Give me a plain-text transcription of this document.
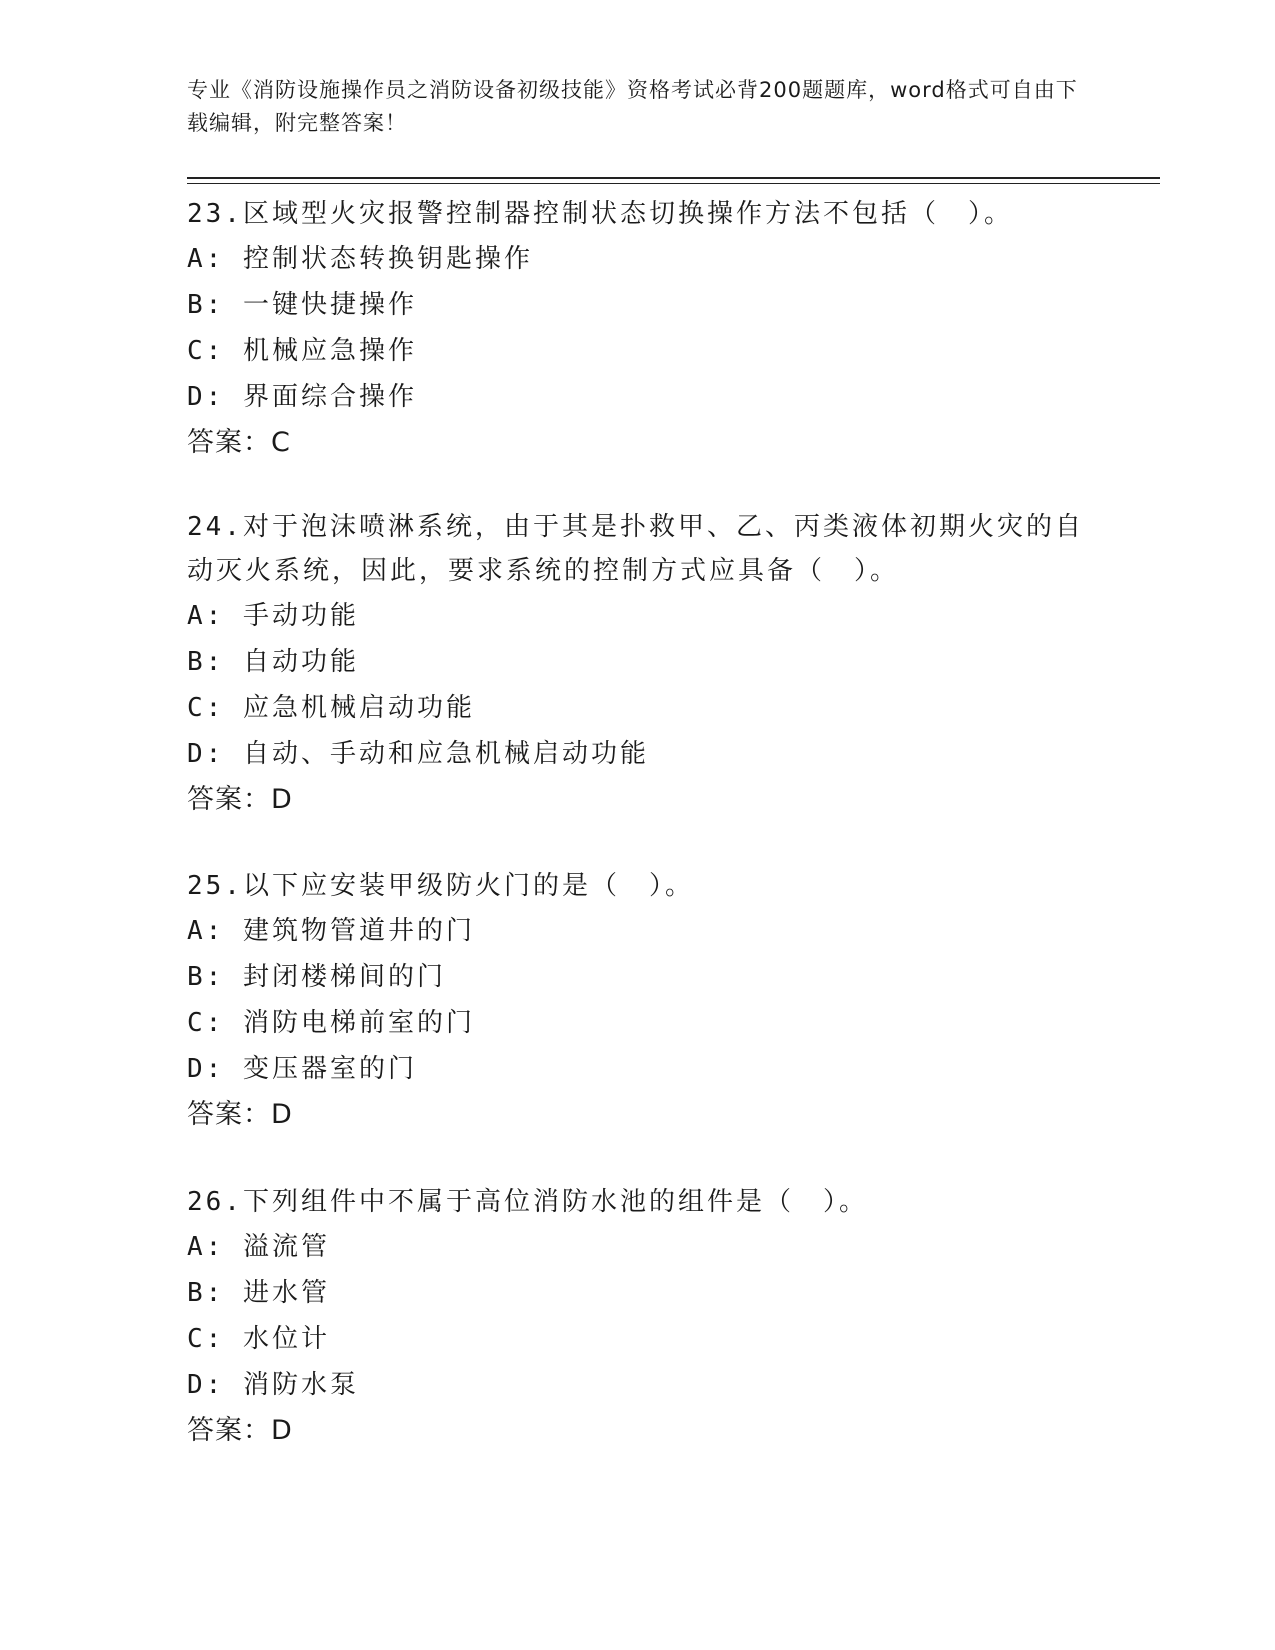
专业《消防设施操作员之消防设备初级技能》资格考试必背200题题库，word格式可自由下载编辑，附完整答案！

23.区域型火灾报警控制器控制状态切换操作方法不包括（　）。

A: 控制状态转换钥匙操作

B: 一键快捷操作

C: 机械应急操作

D: 界面综合操作

答案：C

24.对于泡沫喷淋系统，由于其是扑救甲、乙、丙类液体初期火灾的自动灭火系统，因此，要求系统的控制方式应具备（　）。

A: 手动功能

B: 自动功能

C: 应急机械启动功能

D: 自动、手动和应急机械启动功能

答案：D

25.以下应安装甲级防火门的是（　）。

A: 建筑物管道井的门

B: 封闭楼梯间的门

C: 消防电梯前室的门

D: 变压器室的门

答案：D

26.下列组件中不属于高位消防水池的组件是（　）。

A: 溢流管

B: 进水管

C: 水位计

D: 消防水泵

答案：D
